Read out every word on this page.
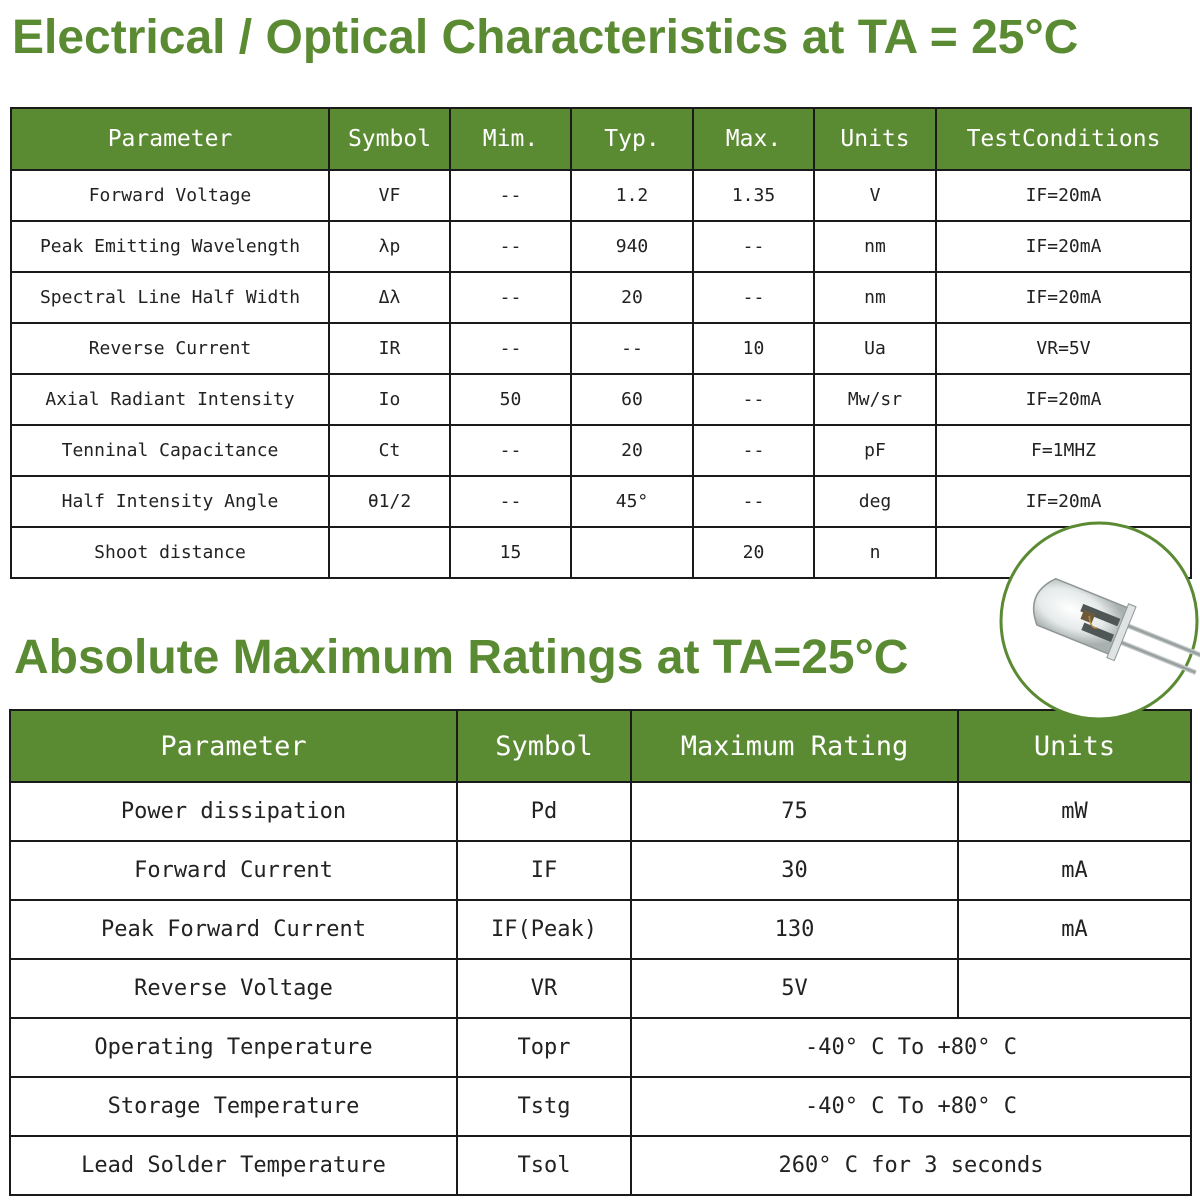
Electrical / Optical Characteristics at TA = 25°C
Parameter	Symbol	Mim.	Typ.	Max.	Units	TestConditions
Forward Voltage	VF	--	1.2	1.35	V	IF=20mA
Peak Emitting Wavelength	λp	--	940	--	nm	IF=20mA
Spectral Line Half Width	Δλ	--	20	--	nm	IF=20mA
Reverse Current	IR	--	--	10	Ua	VR=5V
Axial Radiant Intensity	Io	50	60	--	Mw/sr	IF=20mA
Tenninal Capacitance	Ct	--	20	--	pF	F=1MHZ
Half Intensity Angle	θ1/2	--	45°	--	deg	IF=20mA
Shoot distance		15		20	n	
Absolute Maximum Ratings at TA=25°C
Parameter	Symbol	Maximum Rating	Units
Power dissipation	Pd	75	mW
Forward Current	IF	30	mA
Peak Forward Current	IF(Peak)	130	mA
Reverse Voltage	VR	5V	
Operating Tenperature	Topr	-40° C To +80° C	
Storage Temperature	Tstg	-40° C To +80° C	
Lead Solder Temperature	Tsol	260° C for 3 seconds	
